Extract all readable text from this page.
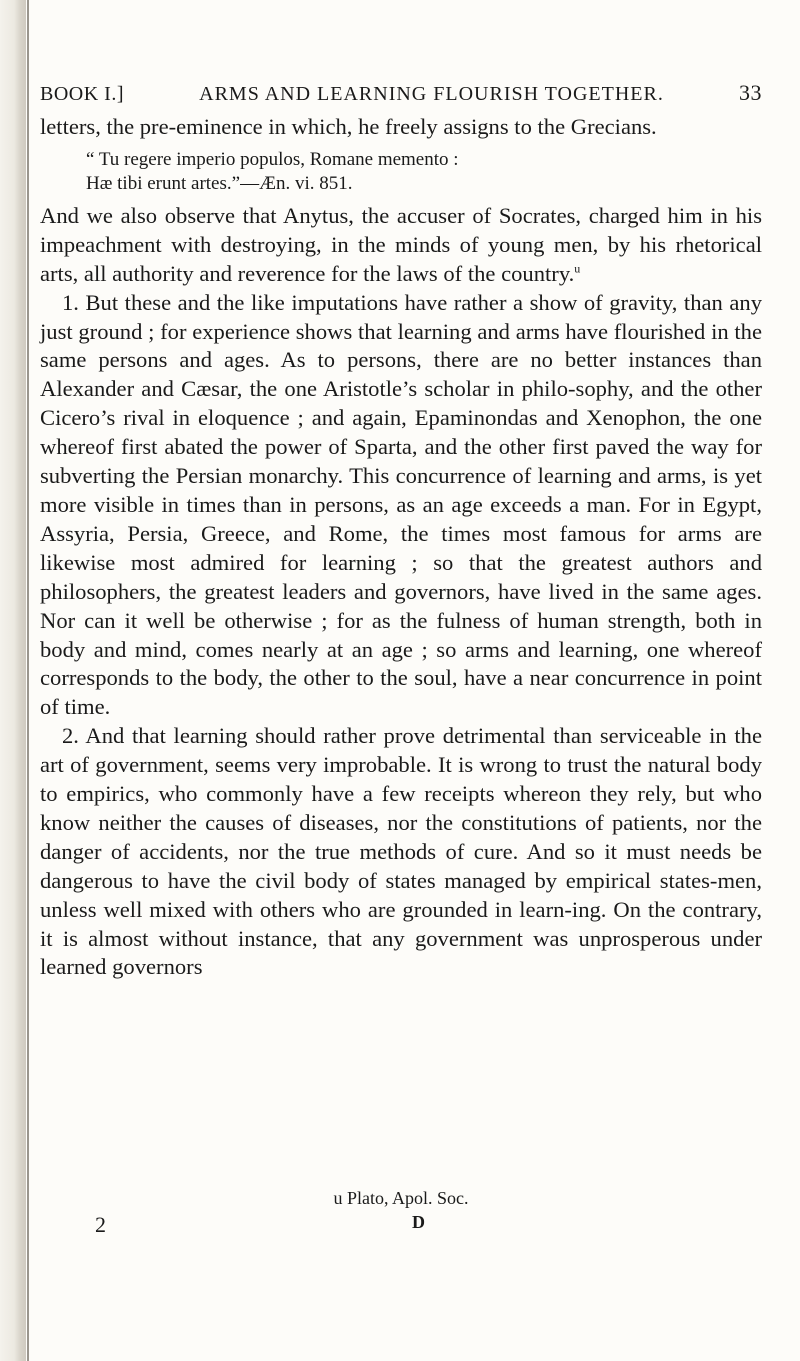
BOOK I.]	ARMS AND LEARNING FLOURISH TOGETHER.	33

letters, the pre-eminence in which, he freely assigns to the Grecians.

“ Tu regere imperio populos, Romane memento :
Hæ tibi erunt artes.”—Æn. vi. 851.

And we also observe that Anytus, the accuser of Socrates, charged him in his impeachment with destroying, in the minds of young men, by his rhetorical arts, all authority and reverence for the laws of the country.$^u$

1. But these and the like imputations have rather a show of gravity, than any just ground ; for experience shows that learning and arms have flourished in the same persons and ages. As to persons, there are no better instances than Alexander and Cæsar, the one Aristotle’s scholar in philo-sophy, and the other Cicero’s rival in eloquence ; and again, Epaminondas and Xenophon, the one whereof first abated the power of Sparta, and the other first paved the way for subverting the Persian monarchy. This concurrence of learning and arms, is yet more visible in times than in persons, as an age exceeds a man. For in Egypt, Assyria, Persia, Greece, and Rome, the times most famous for arms are likewise most admired for learning ; so that the greatest authors and philosophers, the greatest leaders and governors, have lived in the same ages. Nor can it well be otherwise ; for as the fulness of human strength, both in body and mind, comes nearly at an age ; so arms and learning, one whereof corresponds to the body, the other to the soul, have a near concurrence in point of time.

2. And that learning should rather prove detrimental than serviceable in the art of government, seems very improbable. It is wrong to trust the natural body to empirics, who commonly have a few receipts whereon they rely, but who know neither the causes of diseases, nor the constitutions of patients, nor the danger of accidents, nor the true methods of cure. And so it must needs be dangerous to have the civil body of states managed by empirical states-men, unless well mixed with others who are grounded in learn-ing. On the contrary, it is almost without instance, that any government was unprosperous under learned governors

u Plato, Apol. Soc.
2	D
